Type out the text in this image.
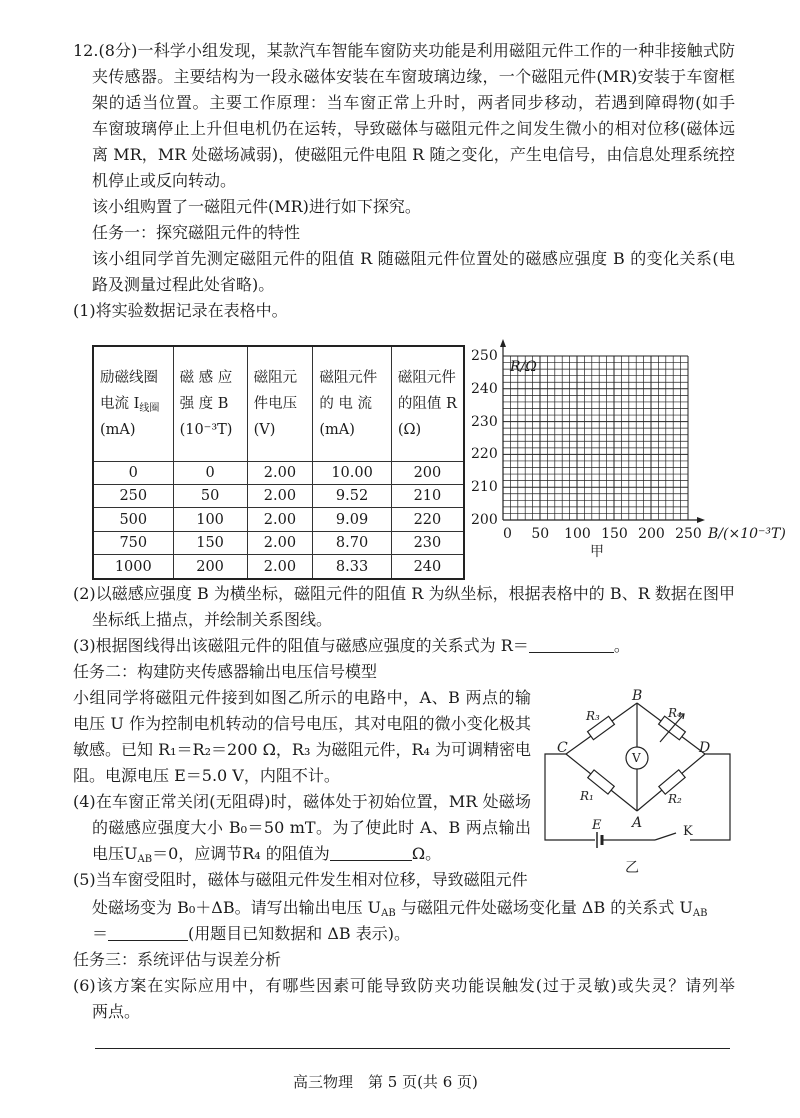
12.(8分)一科学小组发现，某款汽车智能车窗防夹功能是利用磁阻元件工作的一种非接触式防
夹传感器。主要结构为一段永磁体安装在车窗玻璃边缘，一个磁阻元件(MR)安装于车窗框
架的适当位置。主要工作原理：当车窗正常上升时，两者同步移动，若遇到障碍物(如手
车窗玻璃停止上升但电机仍在运转，导致磁体与磁阻元件之间发生微小的相对位移(磁体远
离 MR，MR 处磁场减弱)，使磁阻元件电阻 R 随之变化，产生电信号，由信息处理系统控
机停止或反向转动。
该小组购置了一磁阻元件(MR)进行如下探究。
任务一：探究磁阻元件的特性
该小组同学首先测定磁阻元件的阻值 R 随磁阻元件位置处的磁感应强度 B 的变化关系(电
路及测量过程此处省略)。
(1)将实验数据记录在表格中。
励磁线圈
电流 $I_{线圈}$
(mA)	磁 感 应
强 度 B
(10⁻³T)	磁阻元
件电压
(V)	磁阻元件
的 电 流
(mA)	磁阻元件
的阻值 R
(Ω)
0	0	2.00	10.00	200
250	50	2.00	9.52	210
500	100	2.00	9.09	220
750	150	2.00	8.70	230
1000	200	2.00	8.33	240
R/Ω
250
240
230
220
210
200
0 50 100 150 200 250 B/(×10⁻³T)
甲
(2)以磁感应强度 B 为横坐标，磁阻元件的阻值 R 为纵坐标，根据表格中的 B、R 数据在图甲
坐标纸上描点，并绘制关系图线。
(3)根据图线得出该磁阻元件的阻值与磁感应强度的关系式为 R＝	。
任务二：构建防夹传感器输出电压信号模型
小组同学将磁阻元件接到如图乙所示的电路中，A、B 两点的输
电压 U 作为控制电机转动的信号电压，其对电阻的微小变化极其
敏感。已知 R₁＝R₂＝200 Ω，R₃ 为磁阻元件，R₄ 为可调精密电
阻。电源电压 E＝5.0 V，内阻不计。
(4)在车窗正常关闭(无阻碍)时，磁体处于初始位置，MR 处磁场
的磁感应强度大小 B₀＝50 mT。为了使此时 A、B 两点输出
电压$U_{AB}=0$，应调节R₄ 的阻值为	Ω。
(5)当车窗受阻时，磁体与磁阻元件发生相对位移，导致磁阻元件
处磁场变为 B₀＋ΔB。请写出输出电压 $U_{AB}$ 与磁阻元件处磁场变化量 ΔB 的关系式 $U_{AB}$
＝	(用题目已知数据和 ΔB 表示)。
任务三：系统评估与误差分析
(6)该方案在实际应用中，有哪些因素可能导致防夹功能误触发(过于灵敏)或失灵？请列举
两点。
高三物理　第 5 页(共 6 页)
B
C	D
A
R₃	R₄
R₁	R₂
E
V
K
乙
